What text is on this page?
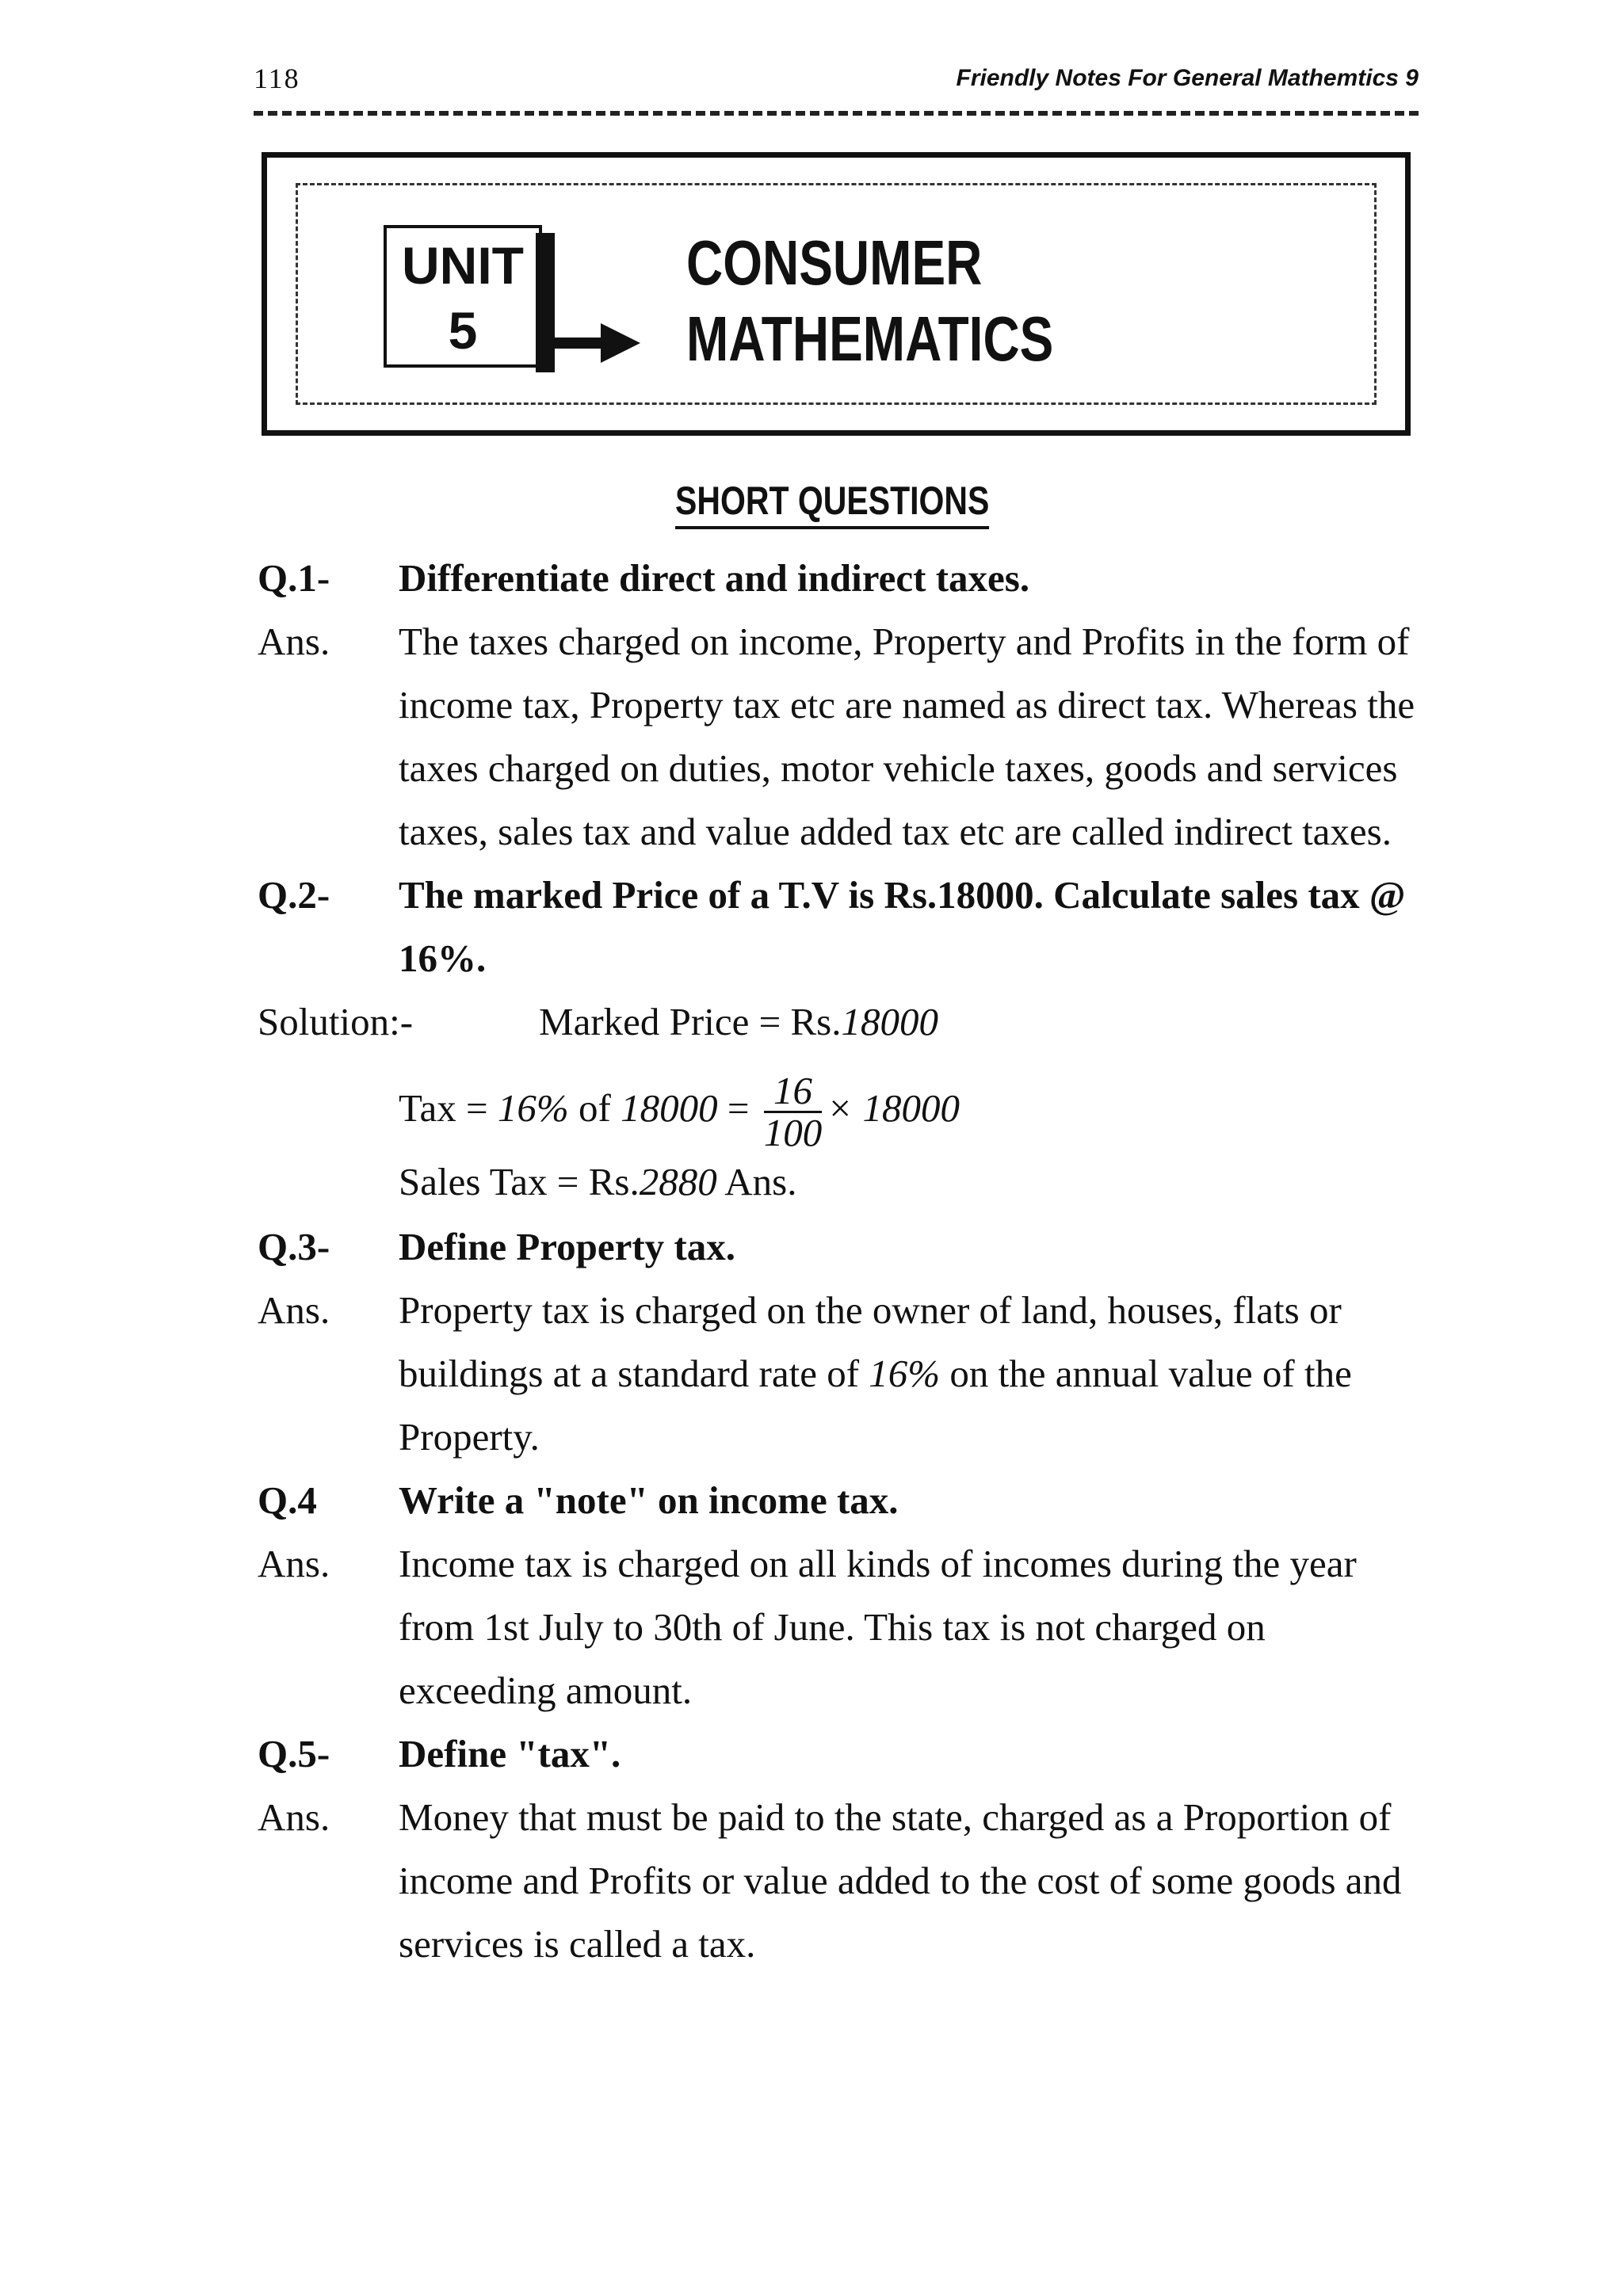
118	Friendly Notes For General Mathemtics 9
UNIT
5
CONSUMER
MATHEMATICS
SHORT QUESTIONS
Q.1- Differentiate direct and indirect taxes.
Ans. The taxes charged on income, Property and Profits in the form of income tax, Property tax etc are named as direct tax. Whereas the taxes charged on duties, motor vehicle taxes, goods and services taxes, sales tax and value added tax etc are called indirect taxes.
Q.2- The marked Price of a T.V is Rs.18000. Calculate sales tax @ 16%.
Solution:-	Marked Price = Rs.18000
Tax = 16% of $18000 = \frac{16}{100} \times 18000$
Sales Tax = Rs.2880 Ans.
Q.3- Define Property tax.
Ans. Property tax is charged on the owner of land, houses, flats or buildings at a standard rate of 16% on the annual value of the Property.
Q.4 Write a "note" on income tax.
Ans. Income tax is charged on all kinds of incomes during the year from 1st July to 30th of June. This tax is not charged on exceeding amount.
Q.5- Define "tax".
Ans. Money that must be paid to the state, charged as a Proportion of income and Profits or value added to the cost of some goods and services is called a tax.
